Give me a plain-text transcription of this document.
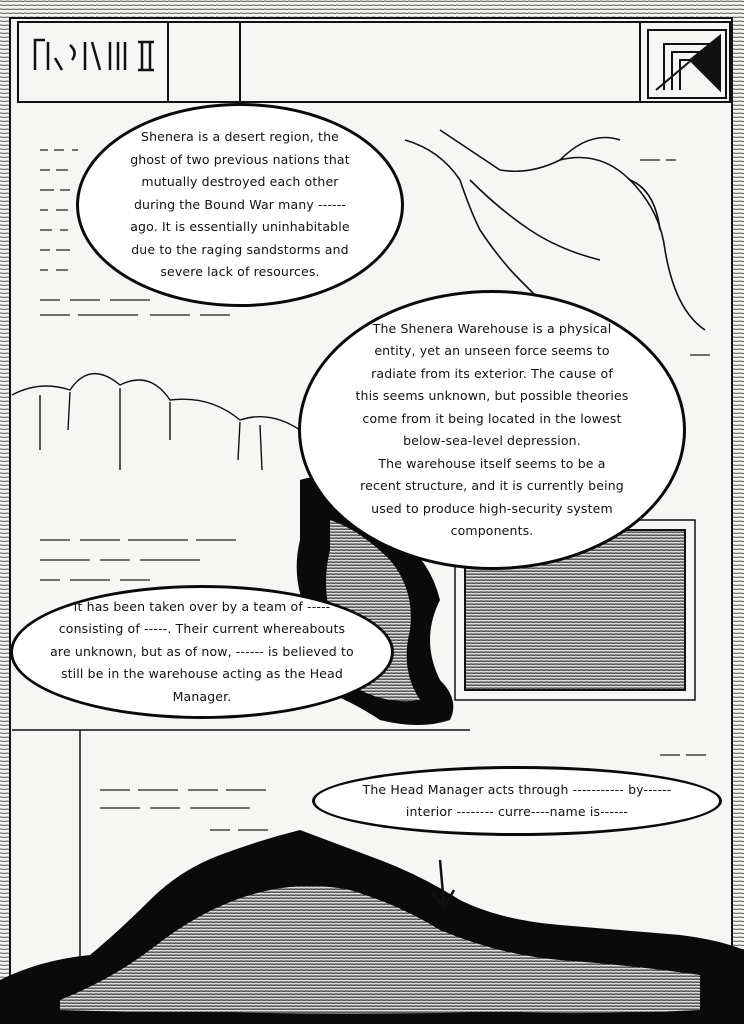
Shenera is a desert region, the
ghost of two previous nations that
mutually destroyed each other
during the Bound War many ------
ago. It is essentially uninhabitable
due to the raging sandstorms and
severe lack of resources.
The Shenera Warehouse is a physical
entity, yet an unseen force seems to
radiate from its exterior. The cause of
this seems unknown, but possible theories
come from it being located in the lowest
below-sea-level depression.
The warehouse itself seems to be a
recent structure, and it is currently being
used to produce high-security system
components.
It has been taken over by a team of -----
consisting of -----. Their current whereabouts
are unknown, but as of now, ------ is believed to
still be in the warehouse acting as the Head
Manager.
The Head Manager acts through ----------- by------
interior -------- curre----name is------
